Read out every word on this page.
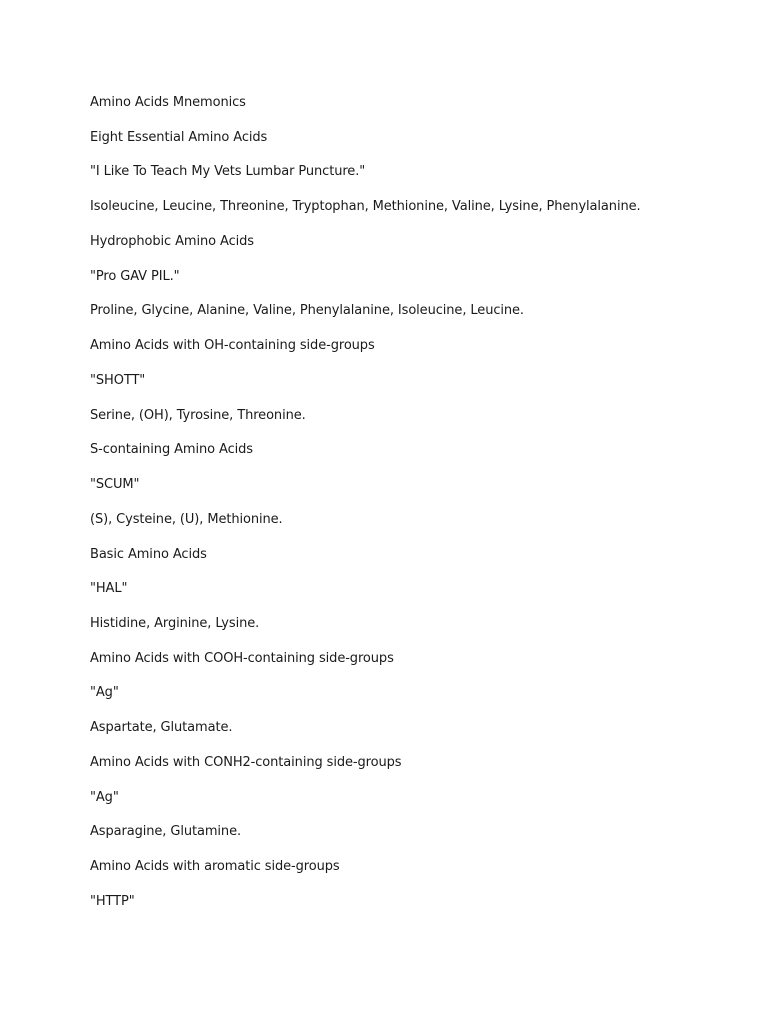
Amino Acids Mnemonics
Eight Essential Amino Acids
"I Like To Teach My Vets Lumbar Puncture."
Isoleucine, Leucine, Threonine, Tryptophan, Methionine, Valine, Lysine, Phenylalanine.
Hydrophobic Amino Acids
"Pro GAV PIL."
Proline, Glycine, Alanine, Valine, Phenylalanine, Isoleucine, Leucine.
Amino Acids with OH-containing side-groups
"SHOTT"
Serine, (OH), Tyrosine, Threonine.
S-containing Amino Acids
"SCUM"
(S), Cysteine, (U), Methionine.
Basic Amino Acids
"HAL"
Histidine, Arginine, Lysine.
Amino Acids with COOH-containing side-groups
"Ag"
Aspartate, Glutamate.
Amino Acids with CONH2-containing side-groups
"Ag"
Asparagine, Glutamine.
Amino Acids with aromatic side-groups
"HTTP"
